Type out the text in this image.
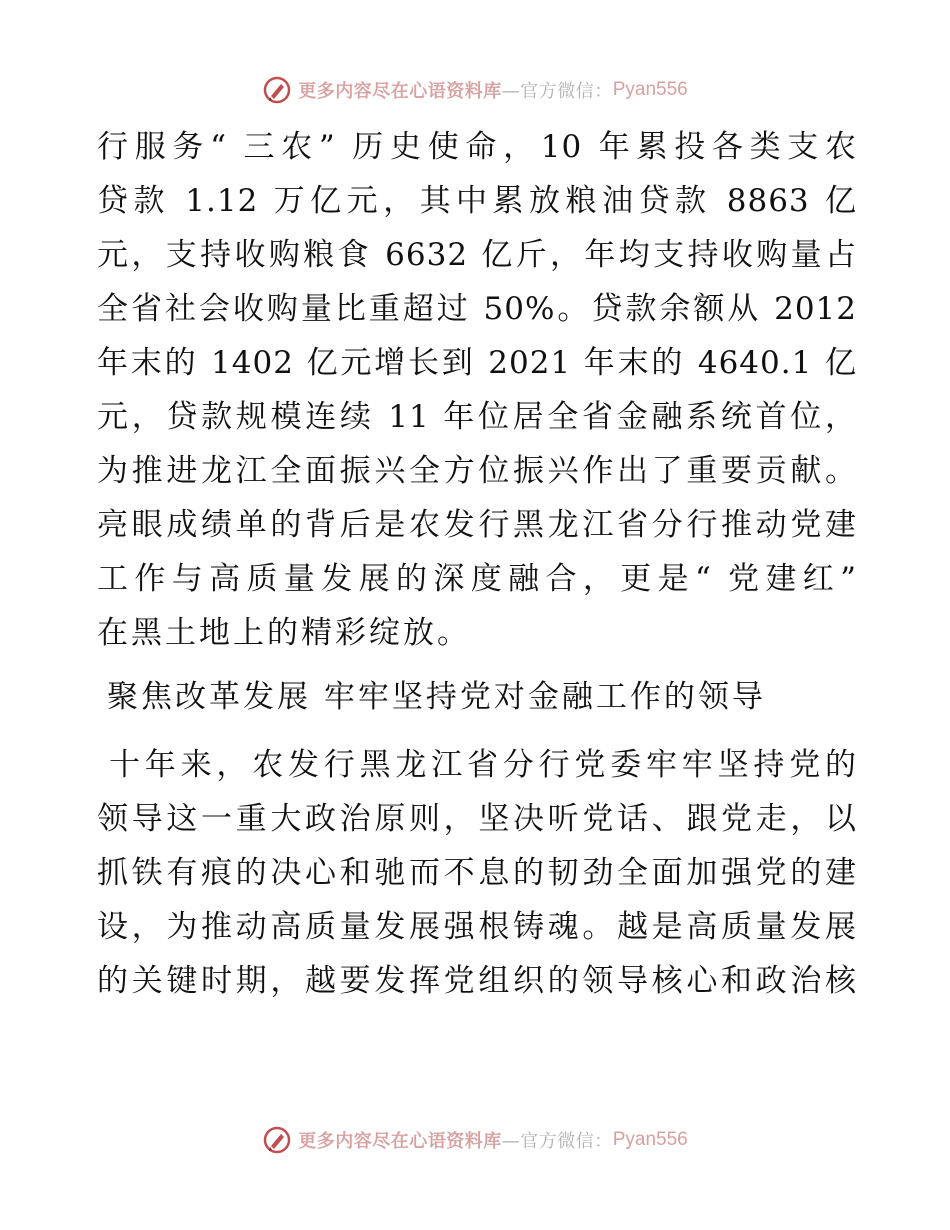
更多内容尽在心语资料库 —官方微信： Pyan556
行服务“ 三农” 历史使命，10 年累投各类支农
贷款 1.12 万亿元，其中累放粮油贷款 8863 亿
元，支持收购粮食 6632 亿斤，年均支持收购量占
全省社会收购量比重超过 50%。贷款余额从 2012
年末的 1402 亿元增长到 2021 年末的 4640.1 亿
元，贷款规模连续 11 年位居全省金融系统首位，
为推进龙江全面振兴全方位振兴作出了重要贡献。
亮眼成绩单的背后是农发行黑龙江省分行推动党建
工作与高质量发展的深度融合，更是“ 党建红”
在黑土地上的精彩绽放。
聚焦改革发展 牢牢坚持党对金融工作的领导
十年来，农发行黑龙江省分行党委牢牢坚持党的
领导这一重大政治原则，坚决听党话、跟党走，以
抓铁有痕的决心和驰而不息的韧劲全面加强党的建
设，为推动高质量发展强根铸魂。越是高质量发展
的关键时期，越要发挥党组织的领导核心和政治核
更多内容尽在心语资料库 —官方微信： Pyan556
